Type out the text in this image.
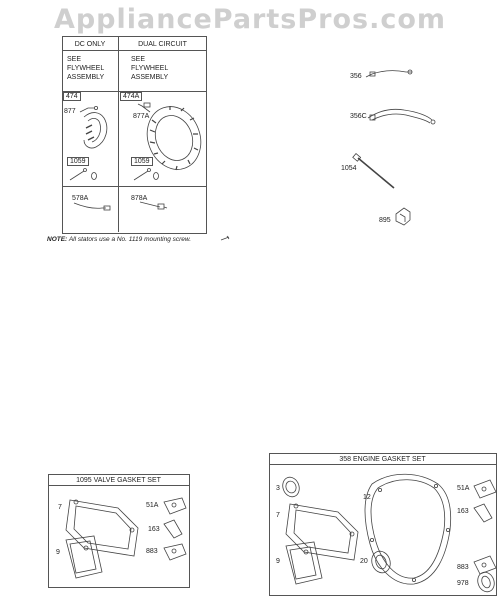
AppliancePartsPros.com
DC ONLY	DUAL CIRCUIT
SEE
FLYWHEEL
ASSEMBLY
SEE
FLYWHEEL
ASSEMBLY
474	474A
877
877A
1059	1059
578A	878A
NOTE: All stators use a No. 1119 mounting screw.
356
356C
1054
895
1095 VALVE GASKET SET
7
9
51A
163
883
358 ENGINE GASKET SET
3
7
9
12
20
51A
163
883
978
